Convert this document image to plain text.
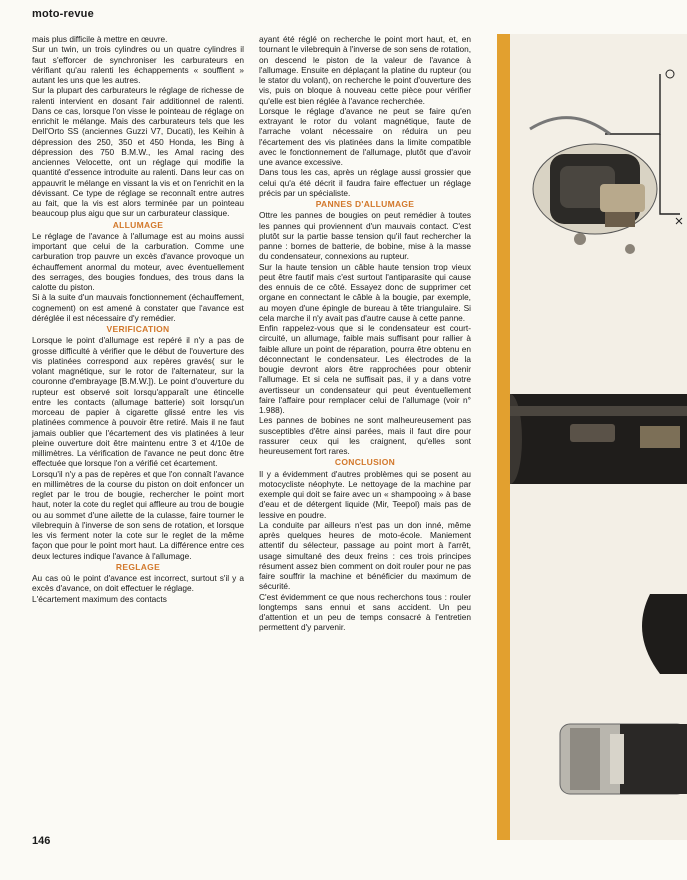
moto-revue

mais plus difficile à mettre en œuvre.

Sur un twin, un trois cylindres ou un quatre cylindres il faut s'efforcer de synchroniser les carburateurs en vérifiant qu'au ralenti les échappements « soufflent » autant les uns que les autres.

Sur la plupart des carburateurs le réglage de richesse de ralenti intervient en dosant l'air additionnel de ralenti. Dans ce cas, lorsque l'on visse le pointeau de réglage on enrichit le mélange. Mais des carburateurs tels que les Dell'Orto SS (anciennes Guzzi V7, Ducati), les Keihin à dépression des 250, 350 et 450 Honda, les Bing à dépression des 750 B.M.W., les Amal racing des anciennes Velocette, ont un réglage qui modifie la quantité d'essence introduite au ralenti. Dans leur cas on appauvrit le mélange en vissant la vis et on l'enrichit en la dévissant. Ce type de réglage se reconnaît entre autres au fait, que la vis est alors terminée par un pointeau beaucoup plus aigu que sur un carburateur classique.

ALLUMAGE

Le réglage de l'avance à l'allumage est au moins aussi important que celui de la carburation. Comme une carburation trop pauvre un excès d'avance provoque un échauffement anormal du moteur, avec éventuellement des serrages, des bougies fondues, des trous dans la calotte du piston.

Si à la suite d'un mauvais fonctionnement (échauffement, cognement) on est amené à constater que l'avance est déréglée il est nécessaire d'y remédier.

VERIFICATION

Lorsque le point d'allumage est repéré il n'y a pas de grosse difficulté à vérifier que le début de l'ouverture des vis platinées correspond aux repères gravés( sur le volant magnétique, sur le rotor de l'alternateur, sur la couronne d'embrayage [B.M.W.]). Le point d'ouverture du rupteur est observé soit lorsqu'apparaît une étincelle entre les contacts (allumage batterie) soit lorsqu'un morceau de papier à cigarette glissé entre les vis platinées commence à pouvoir être retiré. Mais il ne faut jamais oublier que l'écartement des vis platinées à leur pleine ouverture doit être maintenu entre 3 et 4/10e de millimètres. La vérification de l'avance ne peut donc être effectuée que lorsque l'on a vérifié cet écartement.

Lorsqu'il n'y a pas de repères et que l'on connaît l'avance en millimètres de la course du piston on doit enfoncer un reglet par le trou de bougie, rechercher le point mort haut, noter la cote du reglet qui affleure au trou de bougie ou au sommet d'une ailette de la culasse, faire tourner le vilebrequin à l'inverse de son sens de rotation, et lorsque les vis ferment noter la cote sur le reglet de la même façon que pour le point mort haut. La différence entre ces deux lectures indique l'avance à l'allumage.

REGLAGE

Au cas où le point d'avance est incorrect, surtout s'il y a excès d'avance, on doit effectuer le réglage.

L'écartement maximum des contacts

ayant été réglé on recherche le point mort haut, et, en tournant le vilebrequin à l'inverse de son sens de rotation, on descend le piston de la valeur de l'avance à l'allumage. Ensuite en déplaçant la platine du rupteur (ou le stator du volant), on recherche le point d'ouverture des vis, puis on bloque à nouveau cette pièce pour vérifier qu'elle est bien réglée à l'avance recherchée.

Lorsque le réglage d'avance ne peut se faire qu'en extrayant le rotor du volant magnétique, faute de l'arrache volant nécessaire on réduira un peu l'écartement des vis platinées dans la limite compatible avec le fonctionnement de l'allumage, plutôt que d'avoir une avance excessive.

Dans tous les cas, après un réglage aussi grossier que celui qu'a été décrit il faudra faire effectuer un réglage précis par un spécialiste.

PANNES D'ALLUMAGE

Ottre les pannes de bougies on peut remédier à toutes les pannes qui proviennent d'un mauvais contact. C'est plutôt sur la partie basse tension qu'il faut rechercher la panne : bornes de batterie, de bobine, mise à la masse du condensateur, connexions au rupteur.

Sur la haute tension un câble haute tension trop vieux peut être fautif mais c'est surtout l'antiparasite qui cause des ennuis de ce côté. Essayez donc de supprimer cet organe en connectant le câble à la bougie, par exemple, au moyen d'une épingle de bureau à tête triangulaire. Si cela marche il n'y avait pas d'autre cause à cette panne.

Enfin rappelez-vous que si le condensateur est court-circuité, un allumage, faible mais suffisant pour rallier à faible allure un point de réparation, pourra être obtenu en déconnectant le condensateur. Les électrodes de la bougie devront alors être rapprochées pour obtenir l'allumage. Et si cela ne suffisait pas, il y a dans votre avertisseur un condensateur qui peut éventuellement faire l'affaire pour remplacer celui de l'allumage (voir n° 1.988).

Les pannes de bobines ne sont malheureusement pas susceptibles d'être ainsi parées, mais il faut dire pour rassurer ceux qui les craignent, qu'elles sont heureusement fort rares.

CONCLUSION

Il y a évidemment d'autres problèmes qui se posent au motocycliste néophyte. Le nettoyage de la machine par exemple qui doit se faire avec un « shampooing » à base d'eau et de détergent liquide (Mir, Teepol) mais pas de lessive en poudre.

La conduite par ailleurs n'est pas un don inné, même après quelques heures de moto-école. Maniement attentif du sélecteur, passage au point mort à l'arrêt, usage simultané des deux freins : ces trois principes résument assez bien comment on doit rouler pour ne pas faire souffrir la machine et bénéficier du maximum de sécurité.

C'est évidemment ce que nous recherchons tous : rouler longtemps sans ennui et sans accident. Un peu d'attention et un peu de temps consacré à l'entretien permettent d'y parvenir.

146
